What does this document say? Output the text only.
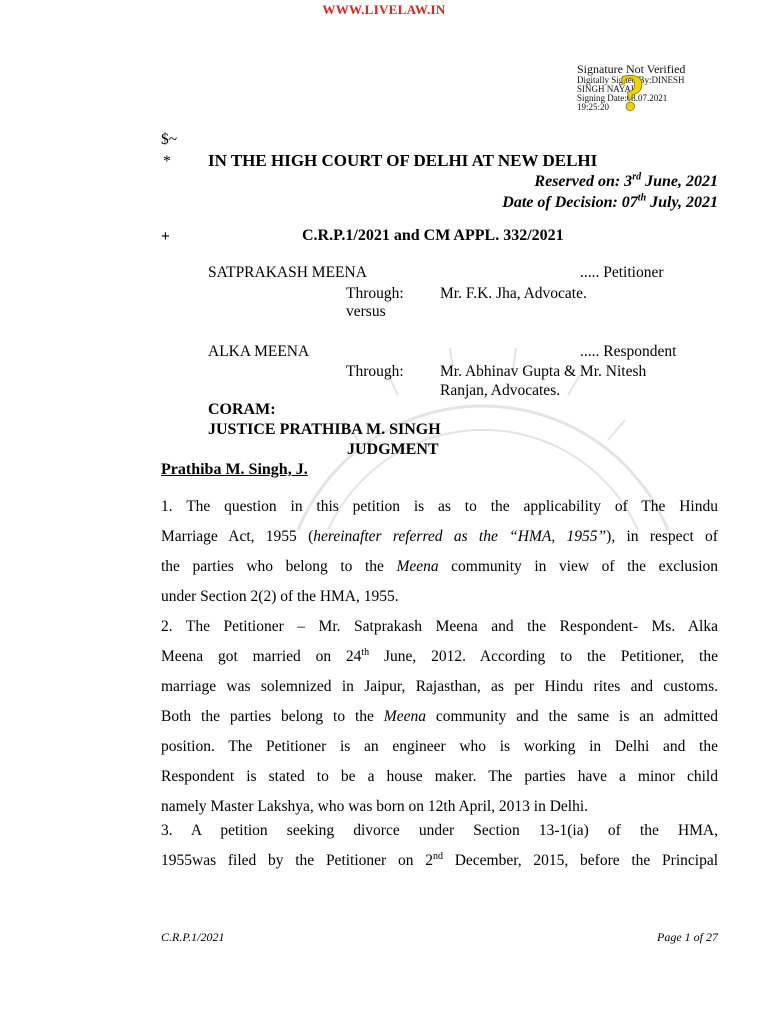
WWW.LIVELAW.IN
Signature Not Verified
Digitally Signed By:DINESH
SINGH NAYAL
Signing Date:08.07.2021
19:25:20 ?
$~
* IN THE HIGH COURT OF DELHI AT NEW DELHI
Reserved on: 3rd June, 2021
Date of Decision: 07th July, 2021
+	C.R.P.1/2021 and CM APPL. 332/2021
SATPRAKASH MEENA	..... Petitioner
Through: Mr. F.K. Jha, Advocate.
versus
ALKA MEENA	..... Respondent
Through: Mr. Abhinav Gupta & Mr. Nitesh
Ranjan, Advocates.
CORAM:
JUSTICE PRATHIBA M. SINGH
JUDGMENT
Prathiba M. Singh, J.
1. The question in this petition is as to the applicability of The Hindu
Marriage Act, 1955 (hereinafter referred as the “HMA, 1955”), in respect of
the parties who belong to the Meena community in view of the exclusion
under Section 2(2) of the HMA, 1955.
2. The Petitioner – Mr. Satprakash Meena and the Respondent- Ms. Alka
Meena got married on 24th June, 2012. According to the Petitioner, the
marriage was solemnized in Jaipur, Rajasthan, as per Hindu rites and customs.
Both the parties belong to the Meena community and the same is an admitted
position. The Petitioner is an engineer who is working in Delhi and the
Respondent is stated to be a house maker. The parties have a minor child
namely Master Lakshya, who was born on 12th April, 2013 in Delhi.
3. A petition seeking divorce under Section 13-1(ia) of the HMA,
1955was filed by the Petitioner on 2nd December, 2015, before the Principal
C.R.P.1/2021	Page 1 of 27
